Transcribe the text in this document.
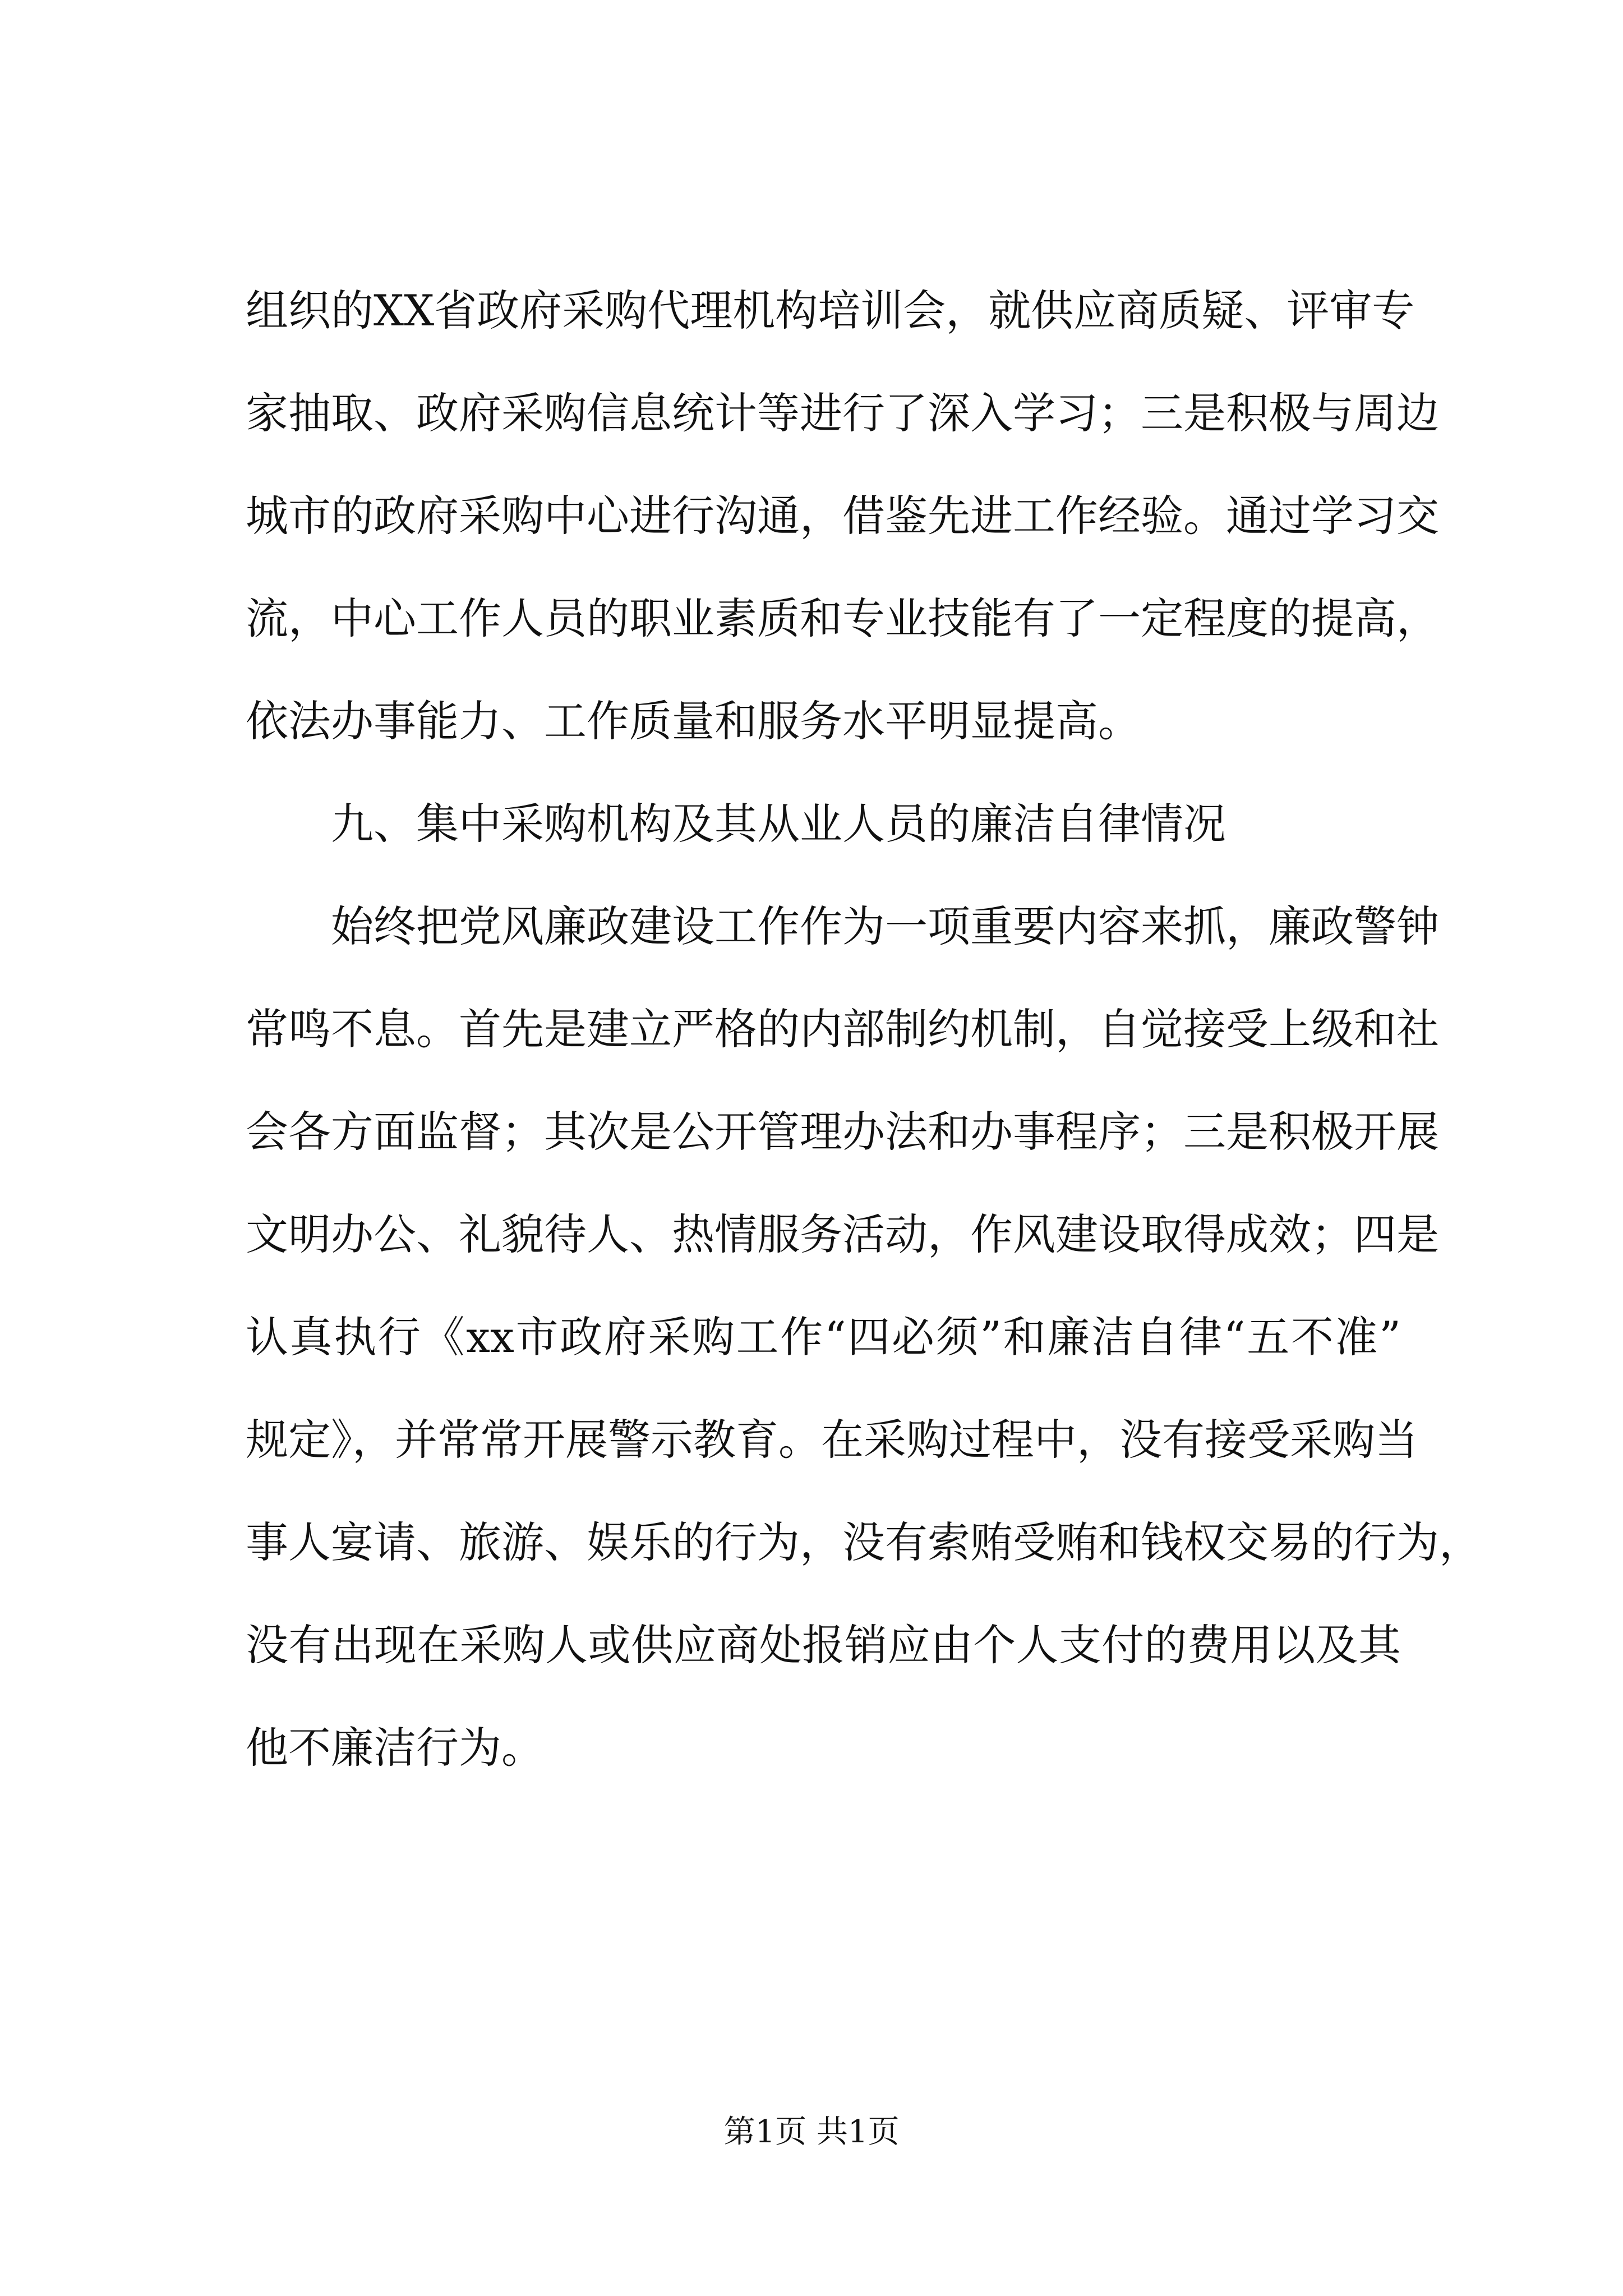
组织的XX省政府采购代理机构培训会，就供应商质疑、评审专
家抽取、政府采购信息统计等进行了深入学习；三是积极与周边
城市的政府采购中心进行沟通，借鉴先进工作经验。通过学习交
流，中心工作人员的职业素质和专业技能有了一定程度的提高，
依法办事能力、工作质量和服务水平明显提高。
九、集中采购机构及其从业人员的廉洁自律情况
始终把党风廉政建设工作作为一项重要内容来抓，廉政警钟
常鸣不息。首先是建立严格的内部制约机制，自觉接受上级和社
会各方面监督；其次是公开管理办法和办事程序；三是积极开展
文明办公、礼貌待人、热情服务活动，作风建设取得成效；四是
认真执行《xx市政府采购工作“四必须”和廉洁自律“五不准”
规定》，并常常开展警示教育。在采购过程中，没有接受采购当
事人宴请、旅游、娱乐的行为，没有索贿受贿和钱权交易的行为，
没有出现在采购人或供应商处报销应由个人支付的费用以及其
他不廉洁行为。
第1页 共1页
